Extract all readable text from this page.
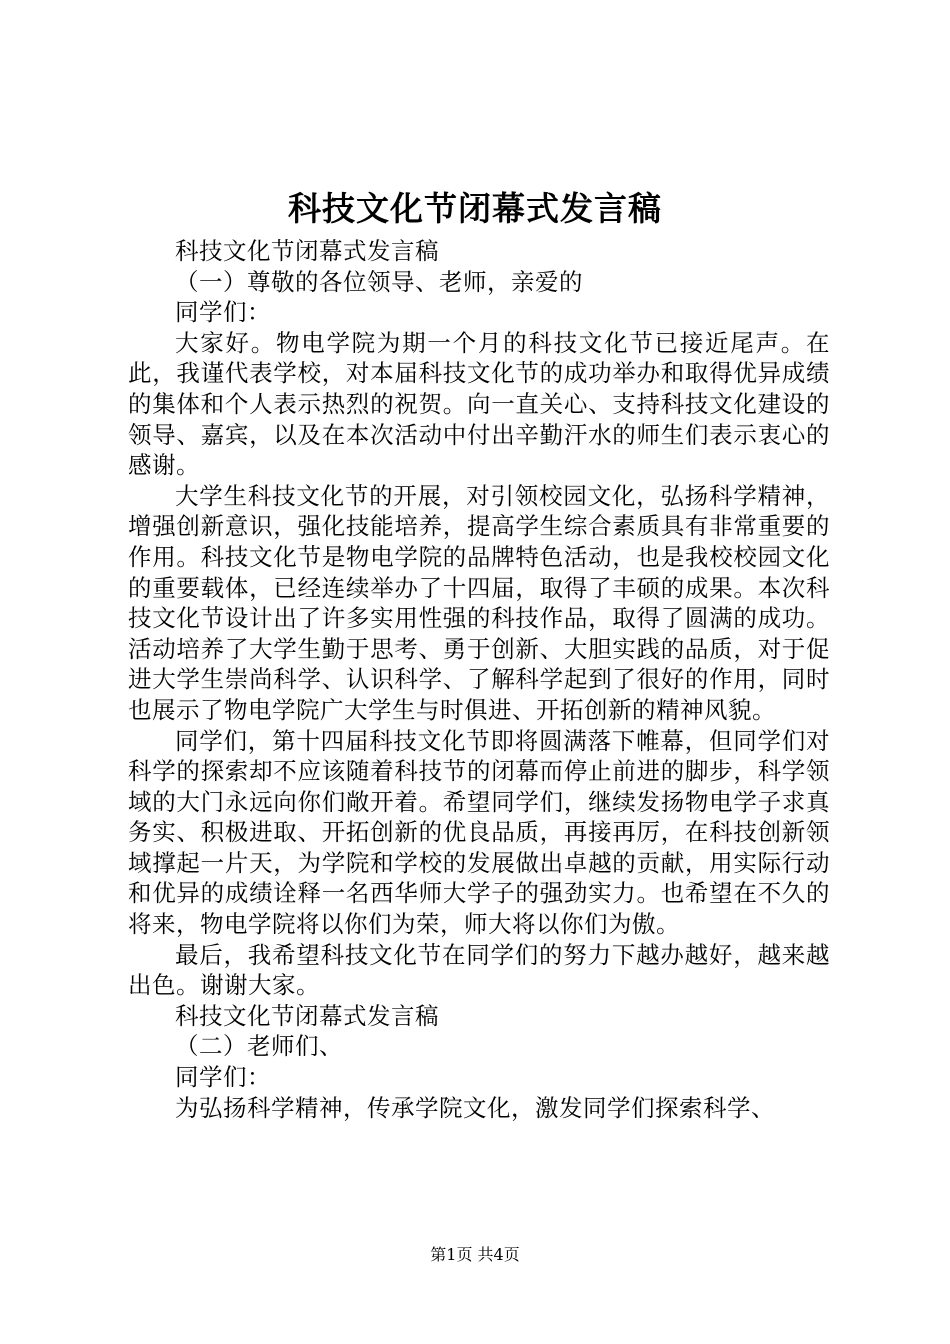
科技文化节闭幕式发言稿

科技文化节闭幕式发言稿

（一）尊敬的各位领导、老师，亲爱的

同学们：

大家好。物电学院为期一个月的科技文化节已接近尾声。在此，我谨代表学校，对本届科技文化节的成功举办和取得优异成绩的集体和个人表示热烈的祝贺。向一直关心、支持科技文化建设的领导、嘉宾，以及在本次活动中付出辛勤汗水的师生们表示衷心的感谢。

大学生科技文化节的开展，对引领校园文化，弘扬科学精神，增强创新意识，强化技能培养，提高学生综合素质具有非常重要的作用。科技文化节是物电学院的品牌特色活动，也是我校校园文化的重要载体，已经连续举办了十四届，取得了丰硕的成果。本次科技文化节设计出了许多实用性强的科技作品，取得了圆满的成功。活动培养了大学生勤于思考、勇于创新、大胆实践的品质，对于促进大学生崇尚科学、认识科学、了解科学起到了很好的作用，同时也展示了物电学院广大学生与时俱进、开拓创新的精神风貌。

同学们，第十四届科技文化节即将圆满落下帷幕，但同学们对科学的探索却不应该随着科技节的闭幕而停止前进的脚步，科学领域的大门永远向你们敞开着。希望同学们，继续发扬物电学子求真务实、积极进取、开拓创新的优良品质，再接再厉，在科技创新领域撑起一片天，为学院和学校的发展做出卓越的贡献，用实际行动和优异的成绩诠释一名西华师大学子的强劲实力。也希望在不久的将来，物电学院将以你们为荣，师大将以你们为傲。

最后，我希望科技文化节在同学们的努力下越办越好，越来越出色。谢谢大家。

科技文化节闭幕式发言稿

（二）老师们、

同学们：

为弘扬科学精神，传承学院文化，激发同学们探索科学、

第1页 共4页
